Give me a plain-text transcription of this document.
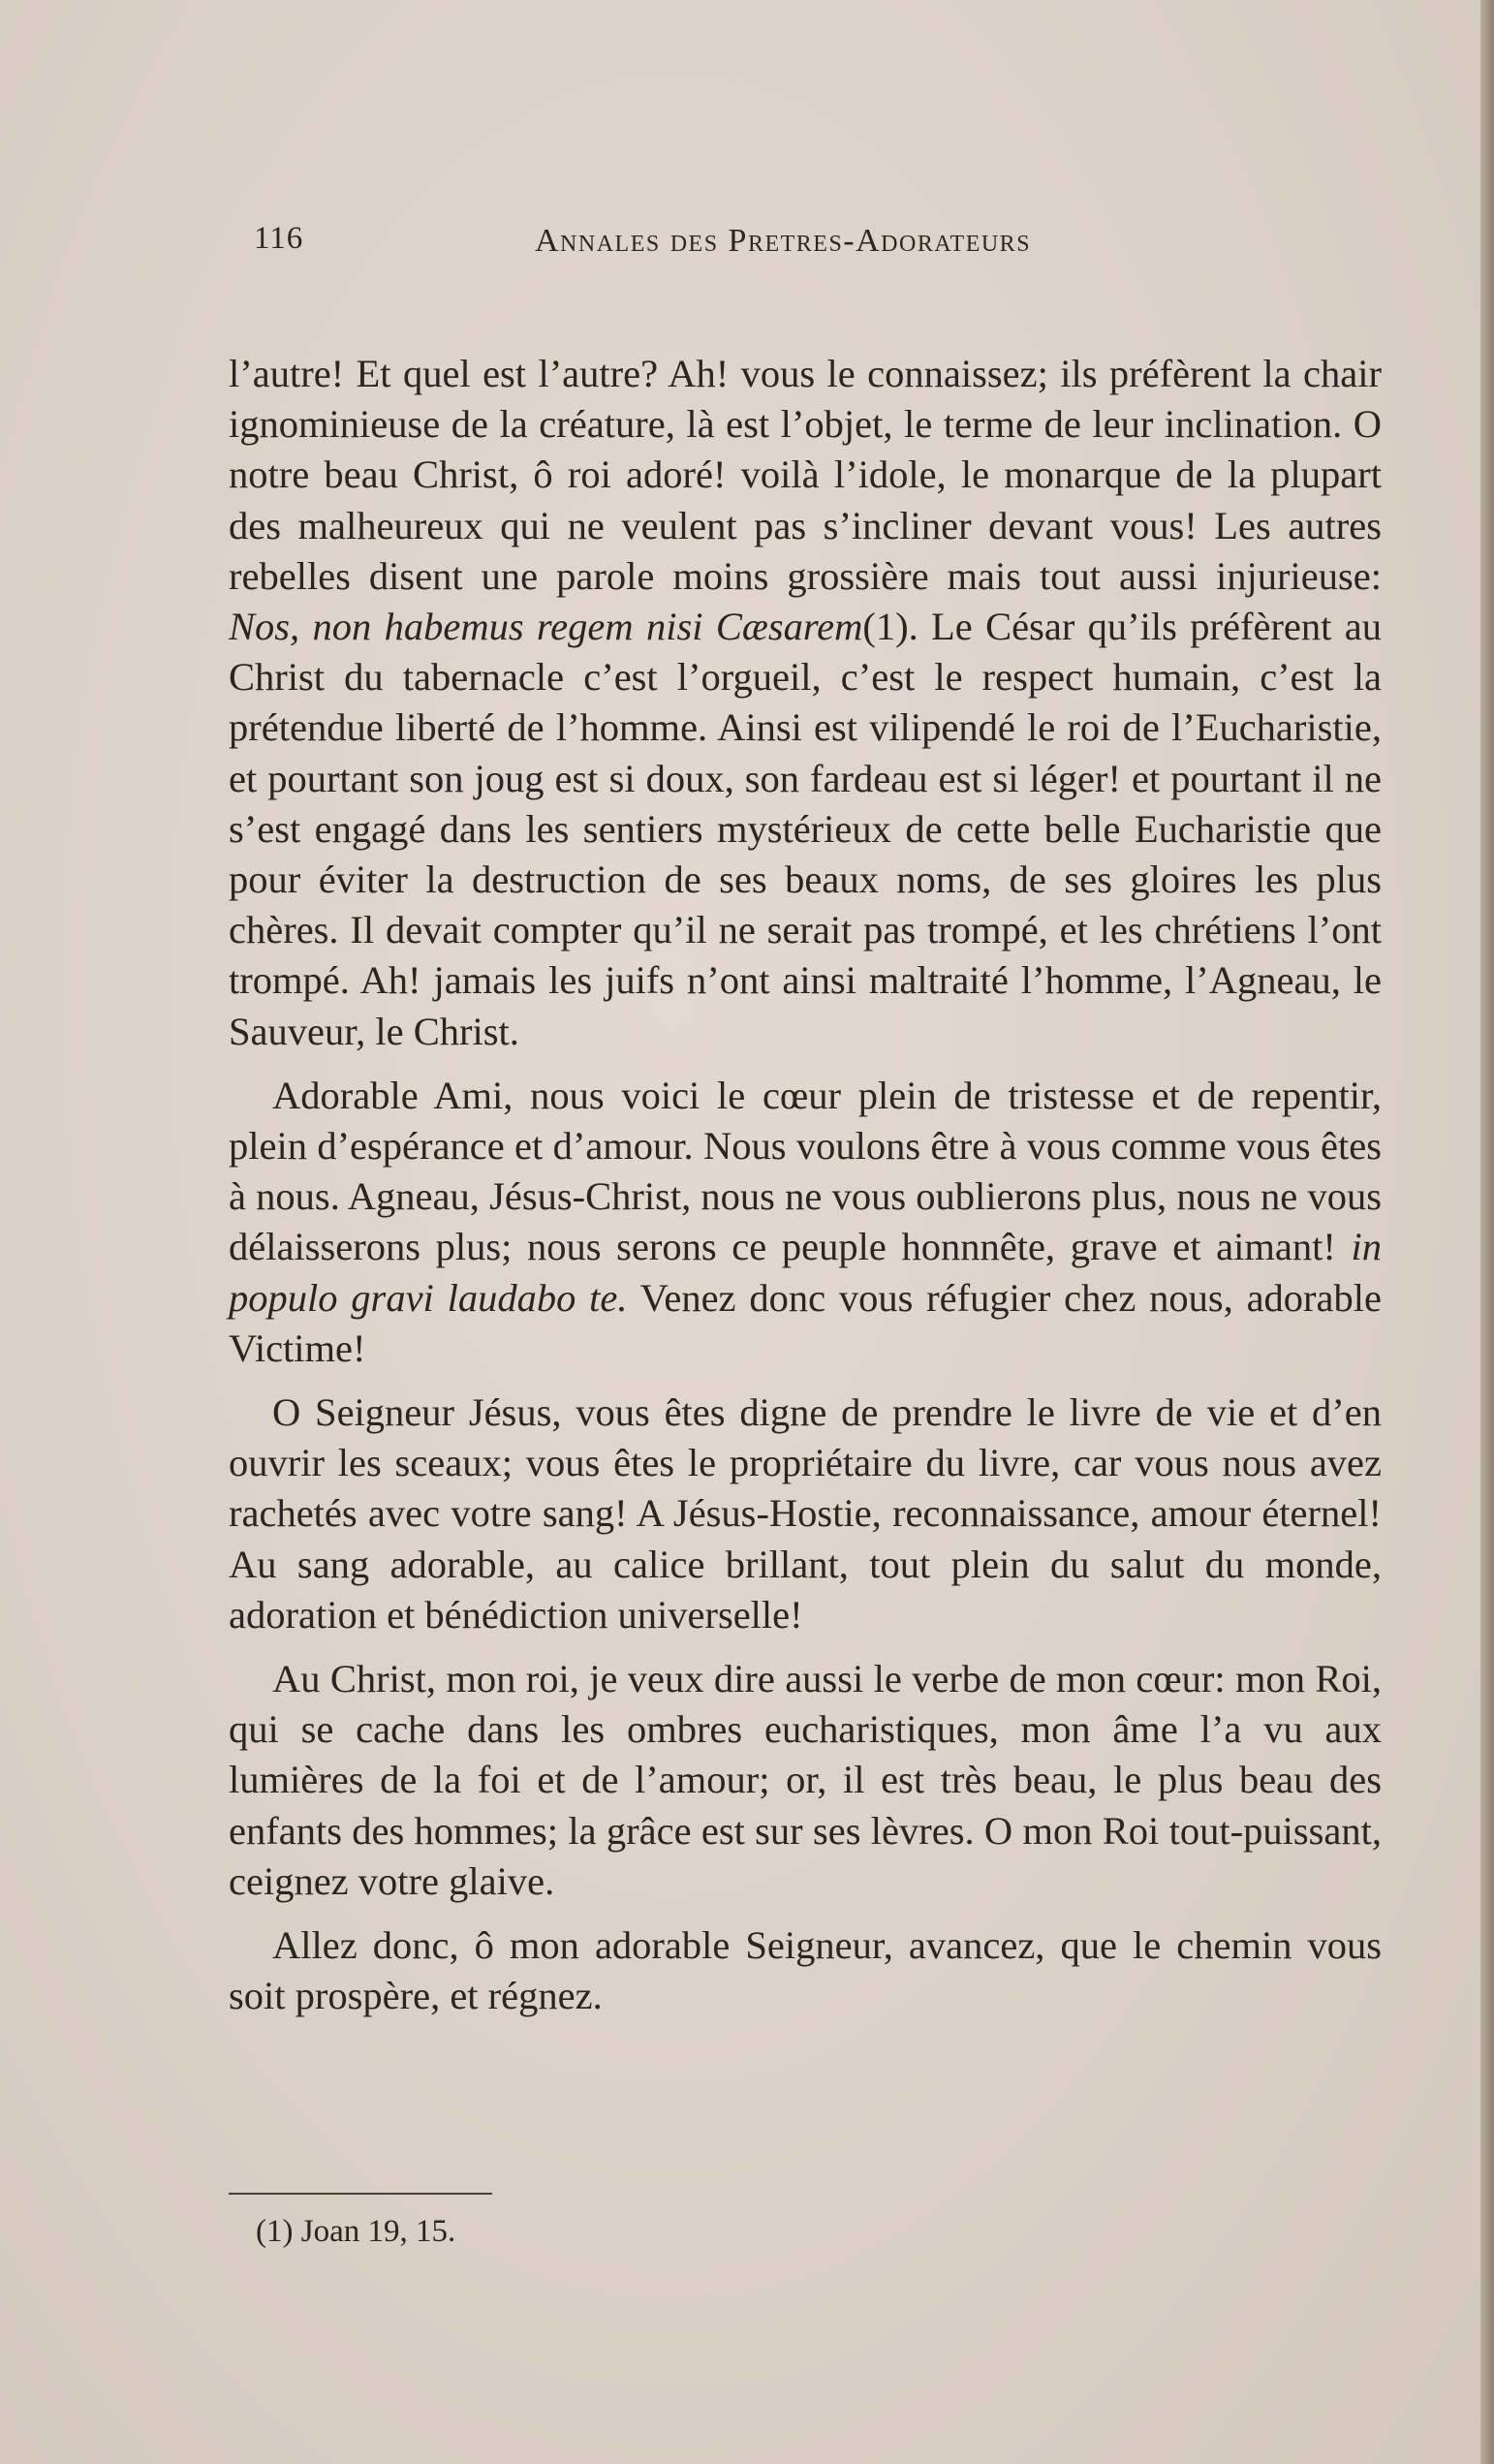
116	Annales des Pretres-Adorateurs

l’autre! Et quel est l’autre? Ah! vous le connaissez; ils préfèrent la chair ignominieuse de la créature, là est l’objet, le terme de leur inclination. O notre beau Christ, ô roi adoré! voilà l’idole, le monarque de la plupart des malheureux qui ne veulent pas s’incliner devant vous! Les autres rebelles disent une parole moins grossière mais tout aussi injurieuse: Nos, non habemus regem nisi Cæsarem(1). Le César qu’ils préfèrent au Christ du tabernacle c’est l’orgueil, c’est le respect humain, c’est la prétendue liberté de l’homme. Ainsi est vilipendé le roi de l’Eucharistie, et pourtant son joug est si doux, son fardeau est si léger! et pourtant il ne s’est engagé dans les sentiers mystérieux de cette belle Eucharistie que pour éviter la destruction de ses beaux noms, de ses gloires les plus chères. Il devait compter qu’il ne serait pas trompé, et les chrétiens l’ont trompé. Ah! jamais les juifs n’ont ainsi maltraité l’homme, l’Agneau, le Sauveur, le Christ.

Adorable Ami, nous voici le cœur plein de tristesse et de repentir, plein d’espérance et d’amour. Nous voulons être à vous comme vous êtes à nous. Agneau, Jésus-Christ, nous ne vous oublierons plus, nous ne vous délaisserons plus; nous serons ce peuple honnnête, grave et aimant! in populo gravi laudabo te. Venez donc vous réfugier chez nous, adorable Victime!

O Seigneur Jésus, vous êtes digne de prendre le livre de vie et d’en ouvrir les sceaux; vous êtes le propriétaire du livre, car vous nous avez rachetés avec votre sang! A Jésus-Hostie, reconnaissance, amour éternel! Au sang adorable, au calice brillant, tout plein du salut du monde, adoration et bénédiction universelle!

Au Christ, mon roi, je veux dire aussi le verbe de mon cœur: mon Roi, qui se cache dans les ombres eucharistiques, mon âme l’a vu aux lumières de la foi et de l’amour; or, il est très beau, le plus beau des enfants des hommes; la grâce est sur ses lèvres. O mon Roi tout-puissant, ceignez votre glaive.

Allez donc, ô mon adorable Seigneur, avancez, que le chemin vous soit prospère, et régnez.

(1) Joan 19, 15.
